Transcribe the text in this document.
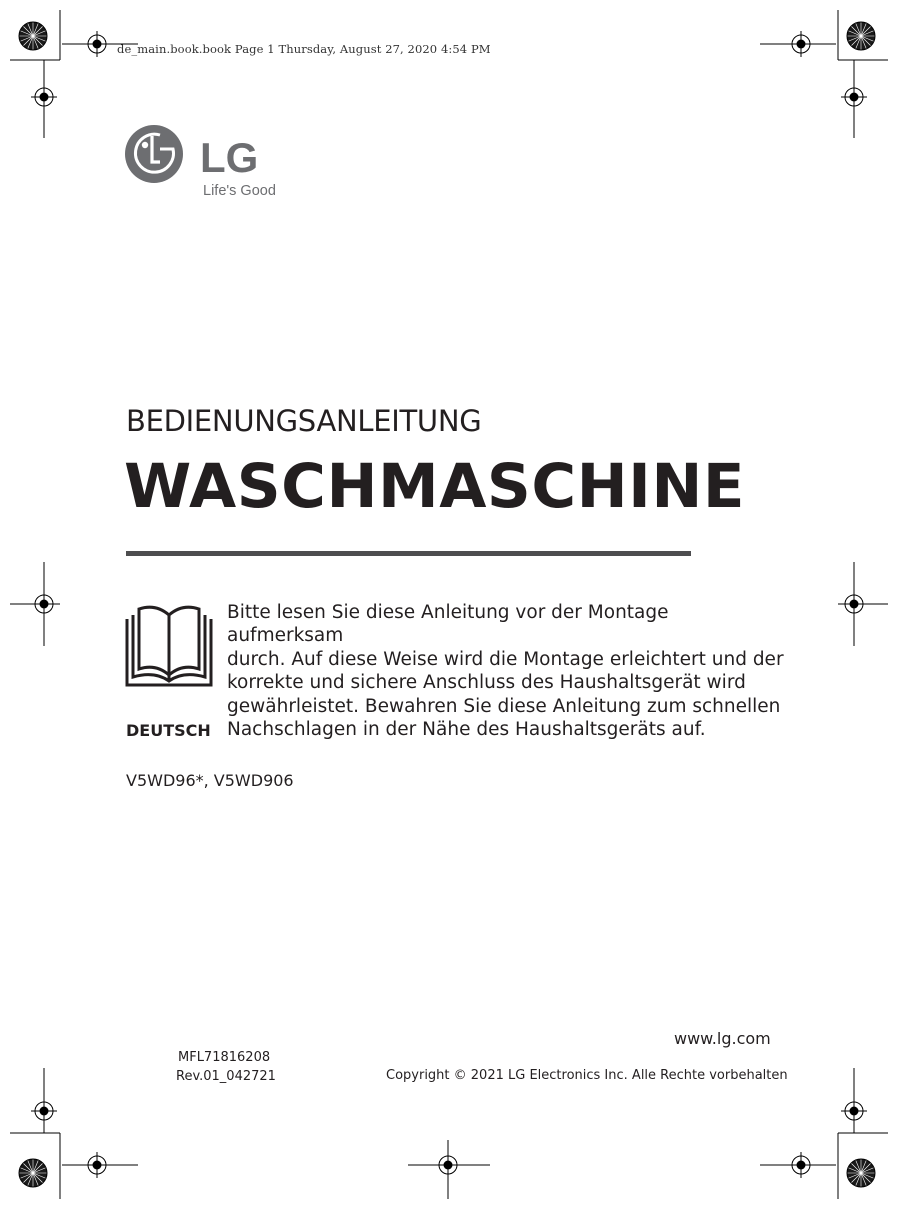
de_main.book.book Page 1 Thursday, August 27, 2020 4:54 PM
LG
Life's Good
BEDIENUNGSANLEITUNG
WASCHMASCHINE

Bitte lesen Sie diese Anleitung vor der Montage aufmerksam
durch. Auf diese Weise wird die Montage erleichtert und der
korrekte und sichere Anschluss des Haushaltsgerät wird
gewährleistet. Bewahren Sie diese Anleitung zum schnellen
Nachschlagen in der Nähe des Haushaltsgeräts auf.

DEUTSCH
V5WD96*, V5WD906
www.lg.com
MFL71816208
Rev.01_042721	Copyright © 2021 LG Electronics Inc. Alle Rechte vorbehalten
